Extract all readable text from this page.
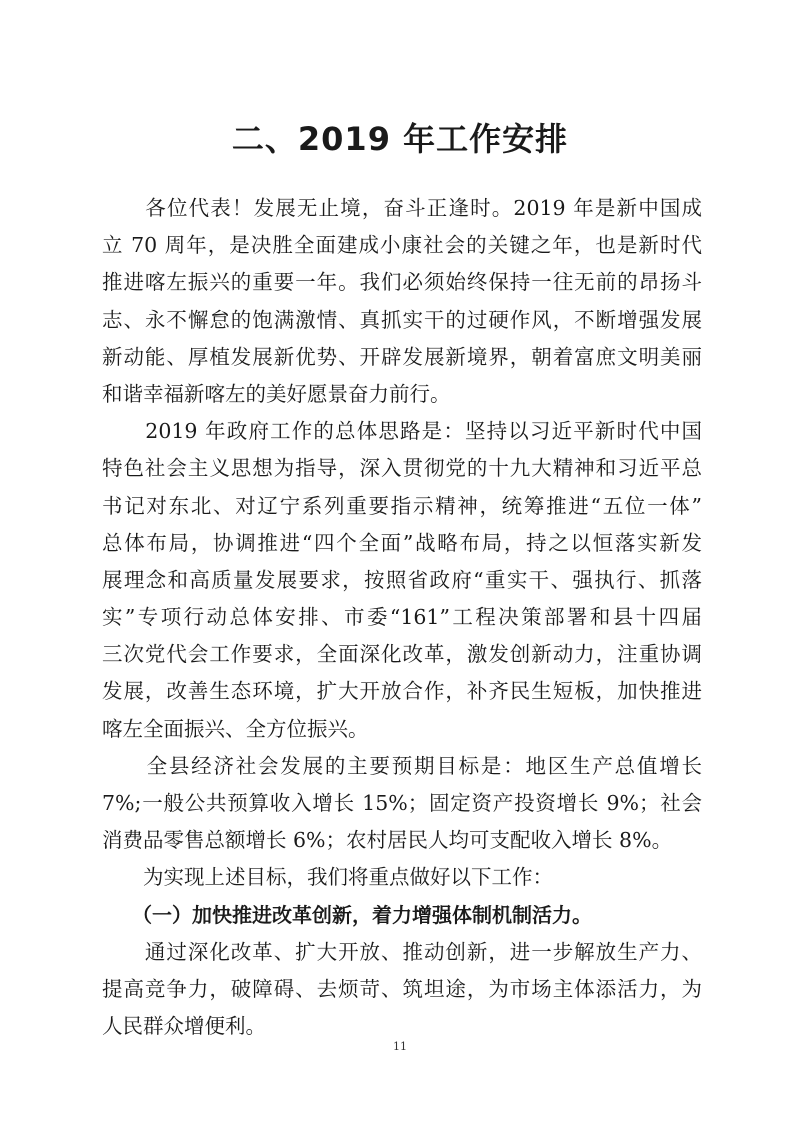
二、2019 年工作安排
　　各位代表！发展无止境，奋斗正逢时。2019 年是新中国成
立 70 周年，是决胜全面建成小康社会的关键之年，也是新时代
推进喀左振兴的重要一年。我们必须始终保持一往无前的昂扬斗
志、永不懈怠的饱满激情、真抓实干的过硬作风，不断增强发展
新动能、厚植发展新优势、开辟发展新境界，朝着富庶文明美丽
和谐幸福新喀左的美好愿景奋力前行。
　　2019 年政府工作的总体思路是：坚持以习近平新时代中国
特色社会主义思想为指导，深入贯彻党的十九大精神和习近平总
书记对东北、对辽宁系列重要指示精神，统筹推进“五位一体”
总体布局，协调推进“四个全面”战略布局，持之以恒落实新发
展理念和高质量发展要求，按照省政府“重实干、强执行、抓落
实”专项行动总体安排、市委“161”工程决策部署和县十四届
三次党代会工作要求，全面深化改革，激发创新动力，注重协调
发展，改善生态环境，扩大开放合作，补齐民生短板，加快推进
喀左全面振兴、全方位振兴。
　　全县经济社会发展的主要预期目标是：地区生产总值增长
7%;一般公共预算收入增长 15%；固定资产投资增长 9%；社会
消费品零售总额增长 6%；农村居民人均可支配收入增长 8%。
　　为实现上述目标，我们将重点做好以下工作：
　　（一）加快推进改革创新，着力增强体制机制活力。
　　通过深化改革、扩大开放、推动创新，进一步解放生产力、
提高竞争力，破障碍、去烦苛、筑坦途，为市场主体添活力，为
人民群众增便利。
11
